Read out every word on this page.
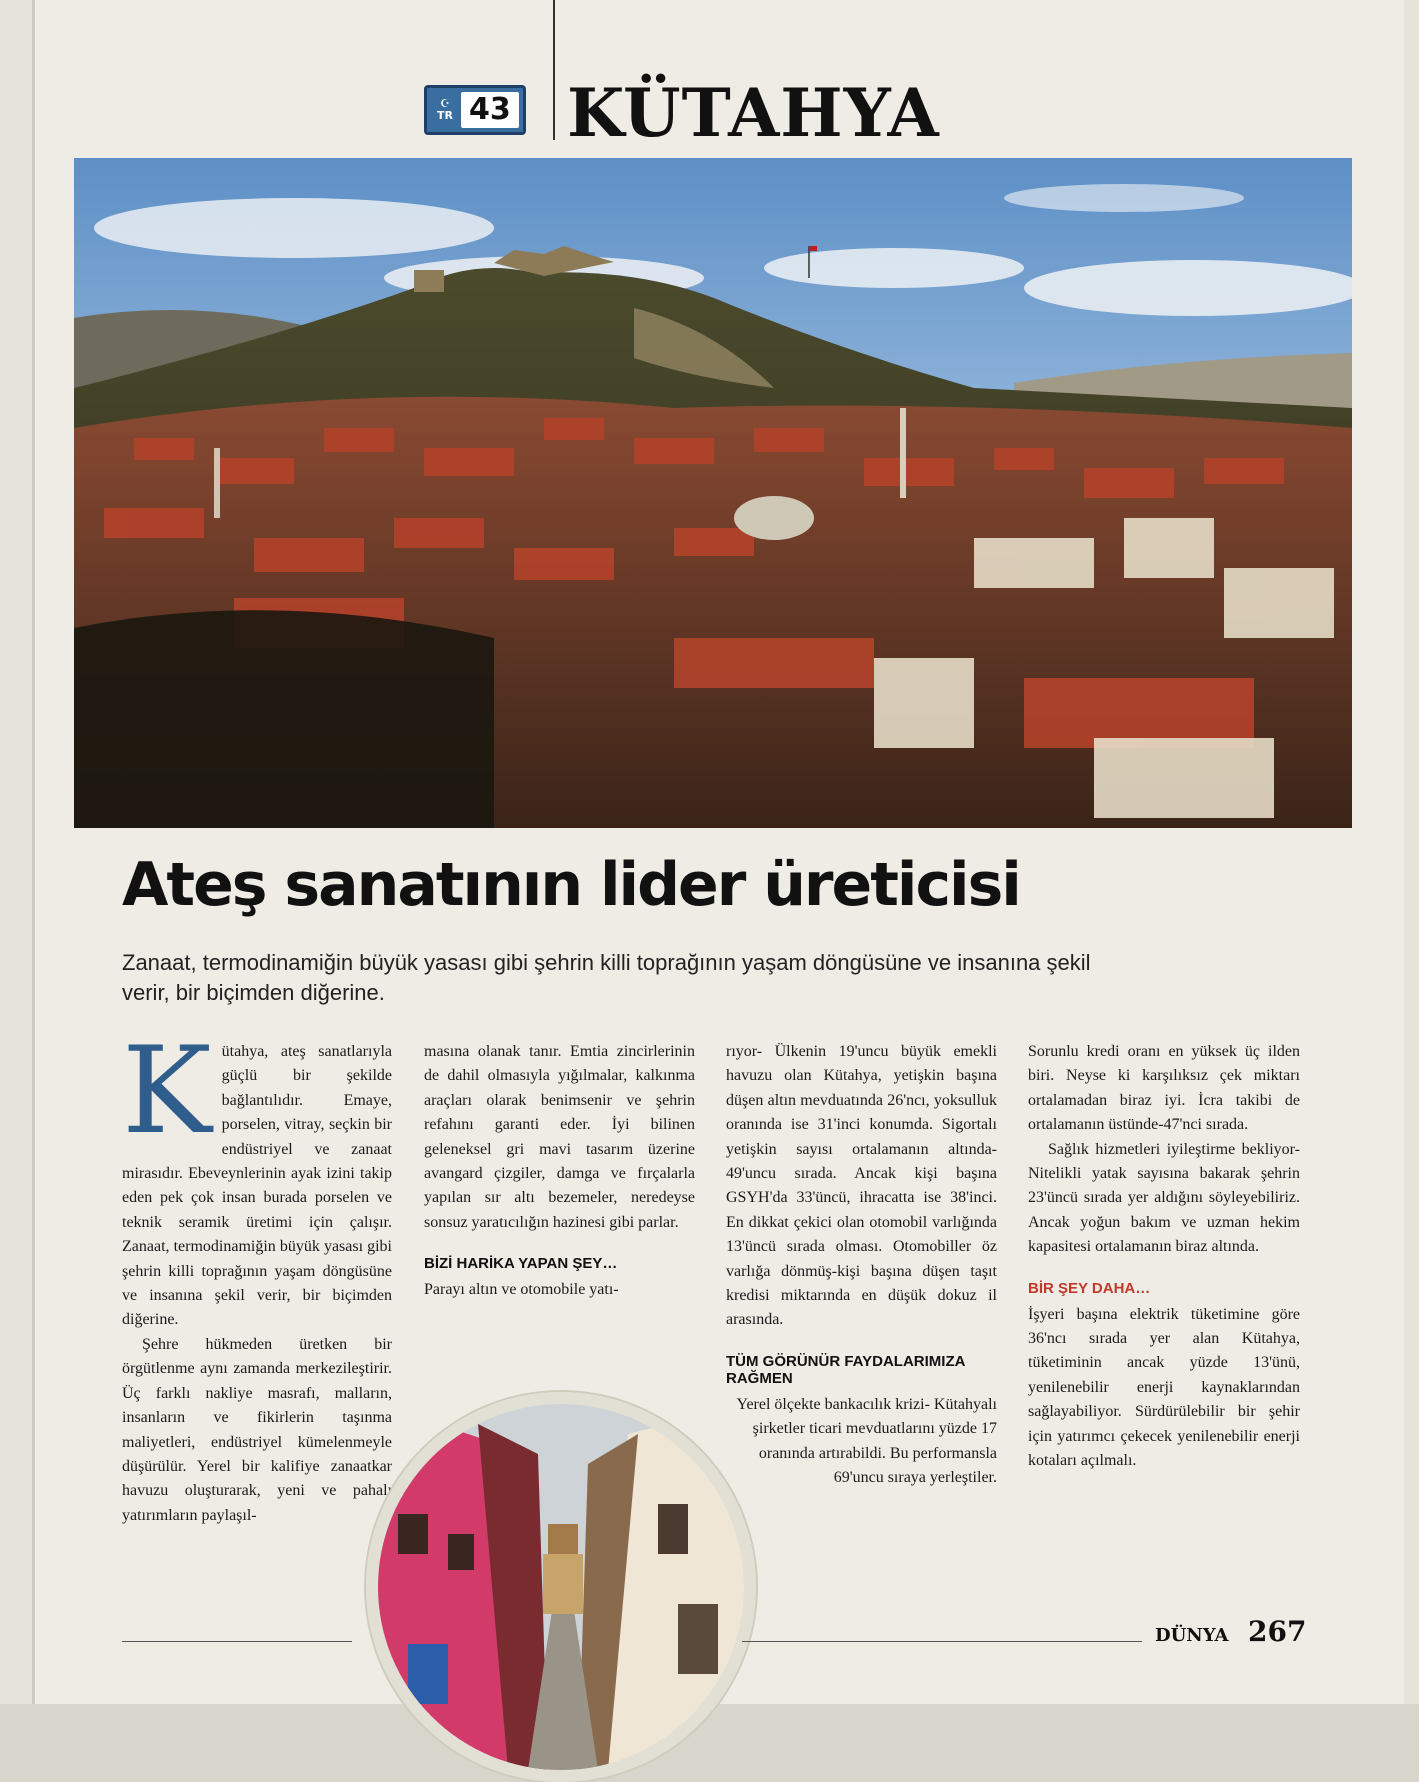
☪
TR 43 KÜTAHYA
Ateş sanatının lider üreticisi
Zanaat, termodinamiğin büyük yasası gibi şehrin killi toprağının yaşam döngüsüne ve insanına şekil verir, bir biçimden diğerine.

Kütahya, ateş sanatlarıyla güçlü bir şekilde bağlantılıdır. Emaye, porselen, vitray, seçkin bir endüstriyel ve zanaat mirasıdır. Ebeveynlerinin ayak izini takip eden pek çok insan burada porselen ve teknik seramik üretimi için çalışır. Zanaat, termodinamiğin büyük yasası gibi şehrin killi toprağının yaşam döngüsüne ve insanına şekil verir, bir biçimden diğerine.

Şehre hükmeden üretken bir örgütlenme aynı zamanda merkezileştirir. Üç farklı nakliye masrafı, malların, insanların ve fikirlerin taşınma maliyetleri, endüstriyel kümelenmeyle düşürülür. Yerel bir kalifiye zanaatkar havuzu oluşturarak, yeni ve pahalı yatırımların paylaşıl-

masına olanak tanır. Emtia zincirlerinin de dahil olmasıyla yığılmalar, kalkınma araçları olarak benimsenir ve şehrin refahını garanti eder. İyi bilinen geleneksel gri mavi tasarım üzerine avangard çizgiler, damga ve fırçalarla yapılan sır altı bezemeler, neredeyse sonsuz yaratıcılığın hazinesi gibi parlar.

BİZİ HARİKA YAPAN ŞEY…

Parayı altın ve otomobile yatı-

rıyor- Ülkenin 19'uncu büyük emekli havuzu olan Kütahya, yetişkin başına düşen altın mevduatında 26'ncı, yoksulluk oranında ise 31'inci konumda. Sigortalı yetişkin sayısı ortalamanın altında-49'uncu sırada. Ancak kişi başına GSYH'da 33'üncü, ihracatta ise 38'inci. En dikkat çekici olan otomobil varlığında 13'üncü sırada olması. Otomobiller öz varlığa dönmüş-kişi başına düşen taşıt kredisi miktarında en düşük dokuz il arasında.

TÜM GÖRÜNÜR FAYDALARIMIZA RAĞMEN

Yerel ölçekte bankacılık krizi- Kütahyalı şirketler ticari mevduatlarını yüzde 17 oranında artırabildi. Bu performansla 69'uncu sıraya yerleştiler.

Sorunlu kredi oranı en yüksek üç ilden biri. Neyse ki karşılıksız çek miktarı ortalamadan biraz iyi. İcra takibi de ortalamanın üstünde-47'nci sırada.

Sağlık hizmetleri iyileştirme bekliyor- Nitelikli yatak sayısına bakarak şehrin 23'üncü sırada yer aldığını söyleyebiliriz. Ancak yoğun bakım ve uzman hekim kapasitesi ortalamanın biraz altında.

BİR ŞEY DAHA…

İşyeri başına elektrik tüketimine göre 36'ncı sırada yer alan Kütahya, tüketiminin ancak yüzde 13'ünü, yenilenebilir enerji kaynaklarından sağlayabiliyor. Sürdürülebilir bir şehir için yatırımcı çekecek yenilenebilir enerji kotaları açılmalı.

DÜNYA 267
